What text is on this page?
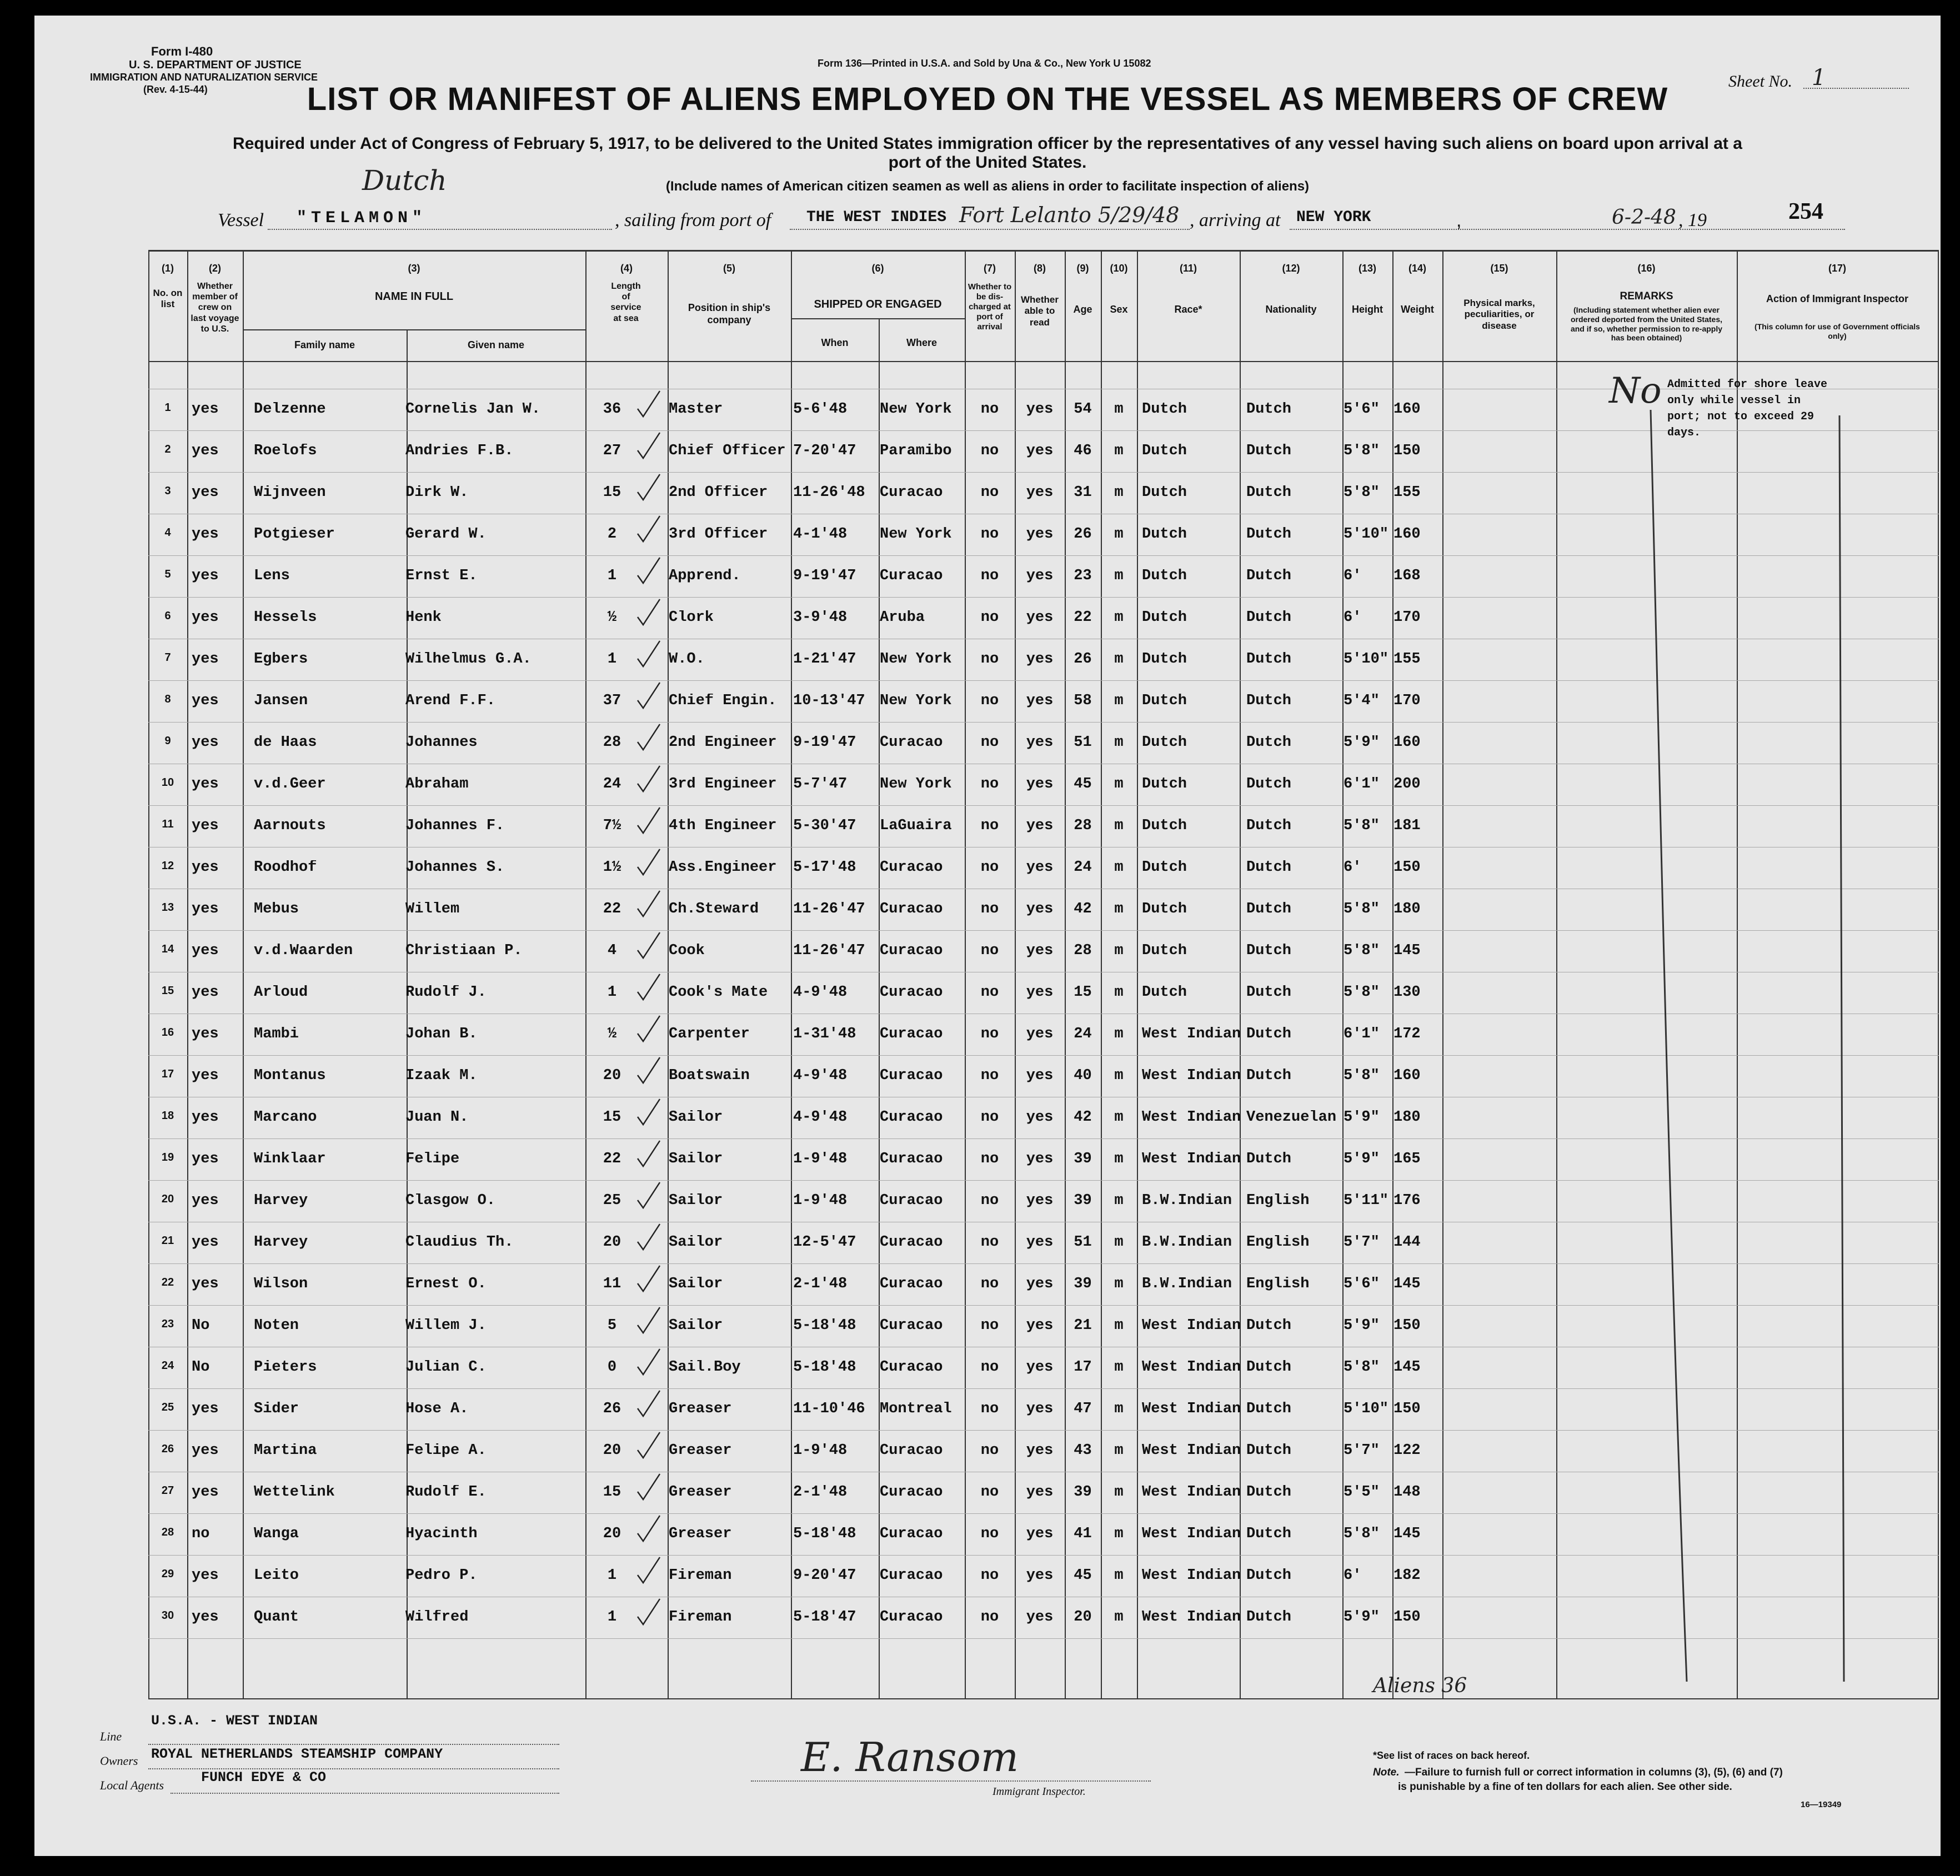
Form I-480
U. S. DEPARTMENT OF JUSTICE
IMMIGRATION AND NATURALIZATION SERVICE
(Rev. 4-15-44)
Form 136—Printed in U.S.A. and Sold by Una & Co., New York U 15082
Sheet No. 1
LIST OR MANIFEST OF ALIENS EMPLOYED ON THE VESSEL AS MEMBERS OF CREW
Required under Act of Congress of February 5, 1917, to be delivered to the United States immigration officer by the representatives of any vessel having such aliens on board upon arrival at a
port of the United States.
(Include names of American citizen seamen as well as aliens in order to facilitate inspection of aliens)
Dutch
Vessel "TELAMON"	, sailing from port of THE WEST INDIES Fort Lelanto 5/29/48 , arriving at NEW YORK	,	6-2-48 , 19	254
(1)	(2)	(3)	(4)	(5)	(6)	(7)	(8)	(9)	(10)	(11)	(12)	(13)	(14)	(15)	(16)	(17)
No. on list
Whether member of crew on last voyage to U.S.
NAME IN FULL
Family name	Given name
Length of service at sea
Position in ship's company
SHIPPED OR ENGAGED
When	Where
Whether to be dis-charged at port of arrival
Whether able to read
Age	Sex	Race*	Nationality	Height	Weight
Physical marks, peculiarities, or disease
REMARKS
(Including statement whether alien ever ordered deported from the United States, and if so, whether permission to re-apply has been obtained)
Action of Immigrant Inspector
(This column for use of Government officials only)
1	yes	Delzenne	Cornelis Jan W.	36	Master	5-6'48	New York	no	yes	54	m	Dutch	Dutch	5'6" 160
2	yes	Roelofs	Andries F.B.	27	Chief Officer 7-20'47	Paramibo	no	yes	46	m	Dutch	Dutch	5'8" 150
3	yes	Wijnveen	Dirk W.	15	2nd Officer	11-26'48 Curacao	no	yes	31	m	Dutch	Dutch	5'8" 155
4	yes	Potgieser	Gerard W.	2	3rd Officer	4-1'48	New York	no	yes	26	m	Dutch	Dutch	5'10" 160
5	yes	Lens	Ernst E.	1	Apprend.	9-19'47	Curacao	no	yes	23	m	Dutch	Dutch	6'	168
6	yes	Hessels	Henk	½	Clork	3-9'48	Aruba	no	yes	22	m	Dutch	Dutch	6'	170
7	yes	Egbers	Wilhelmus G.A.	1	W.O.	1-21'47	New York	no	yes	26	m	Dutch	Dutch	5'10" 155
8	yes	Jansen	Arend F.F.	37	Chief Engin.	10-13'47 New York	no	yes	58	m	Dutch	Dutch	5'4" 170
9	yes	de Haas	Johannes	28	2nd Engineer	9-19'47	Curacao	no	yes	51	m	Dutch	Dutch	5'9" 160
10	yes	v.d.Geer	Abraham	24	3rd Engineer	5-7'47	New York	no	yes	45	m	Dutch	Dutch	6'1" 200
11	yes	Aarnouts	Johannes F.	7½	4th Engineer	5-30'47	LaGuaira	no	yes	28	m	Dutch	Dutch	5'8" 181
12	yes	Roodhof	Johannes S.	1½	Ass.Engineer	5-17'48	Curacao	no	yes	24	m	Dutch	Dutch	6'	150
13	yes	Mebus	Willem	22	Ch.Steward	11-26'47 Curacao	no	yes	42	m	Dutch	Dutch	5'8" 180
14	yes	v.d.Waarden	Christiaan P.	4	Cook	11-26'47 Curacao	no	yes	28	m	Dutch	Dutch	5'8" 145
15	yes	Arloud	Rudolf J.	1	Cook's Mate	4-9'48	Curacao	no	yes	15	m	Dutch	Dutch	5'8" 130
16	yes	Mambi	Johan B.	½	Carpenter	1-31'48	Curacao	no	yes	24	m	West Indian Dutch	6'1" 172
17	yes	Montanus	Izaak M.	20	Boatswain	4-9'48	Curacao	no	yes	40	m	West Indian Dutch	5'8" 160
18	yes	Marcano	Juan N.	15	Sailor	4-9'48	Curacao	no	yes	42	m	West Indian Venezuelan 5'9" 180
19	yes	Winklaar	Felipe	22	Sailor	1-9'48	Curacao	no	yes	39	m	West Indian Dutch	5'9" 165
20	yes	Harvey	Clasgow O.	25	Sailor	1-9'48	Curacao	no	yes	39	m	B.W.Indian English	5'11" 176
21	yes	Harvey	Claudius Th.	20	Sailor	12-5'47	Curacao	no	yes	51	m	B.W.Indian English	5'7" 144
22	yes	Wilson	Ernest O.	11	Sailor	2-1'48	Curacao	no	yes	39	m	B.W.Indian English	5'6" 145
23	No	Noten	Willem J.	5	Sailor	5-18'48	Curacao	no	yes	21	m	West Indian Dutch	5'9" 150
24	No	Pieters	Julian C.	0	Sail.Boy	5-18'48	Curacao	no	yes	17	m	West Indian Dutch	5'8" 145
25	yes	Sider	Hose A.	26	Greaser	11-10'46 Montreal	no	yes	47	m	West Indian Dutch	5'10" 150
26	yes	Martina	Felipe A.	20	Greaser	1-9'48	Curacao	no	yes	43	m	West Indian Dutch	5'7" 122
27	yes	Wettelink	Rudolf E.	15	Greaser	2-1'48	Curacao	no	yes	39	m	West Indian Dutch	5'5" 148
28	no	Wanga	Hyacinth	20	Greaser	5-18'48	Curacao	no	yes	41	m	West Indian Dutch	5'8" 145
29	yes	Leito	Pedro P.	1	Fireman	9-20'47	Curacao	no	yes	45	m	West Indian Dutch	6'	182
30	yes	Quant	Wilfred	1	Fireman	5-18'47	Curacao	no	yes	20	m	West Indian Dutch	5'9" 150
Admitted for shore leave only while vessel in port; not to exceed 29 days.
No
Aliens 36
Line
U.S.A. - WEST INDIAN
Owners ROYAL NETHERLANDS STEAMSHIP COMPANY
Local Agents	FUNCH EDYE & CO	E. Ransom
Immigrant Inspector.
*See list of races on back hereof.
Note. —Failure to furnish full or correct information in columns (3), (5), (6) and (7)
is punishable by a fine of ten dollars for each alien. See other side.
16—19349
